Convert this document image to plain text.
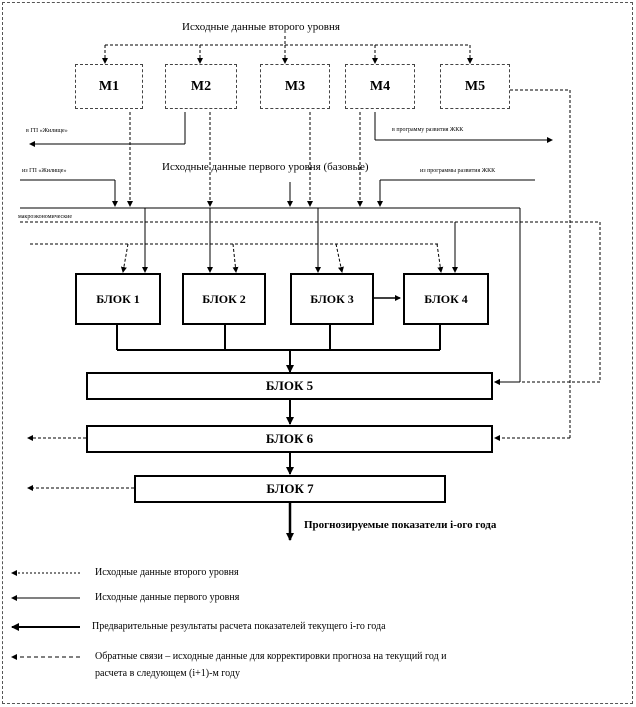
Исходные данные второго уровня
M1	M2	M3	M4	M5
в ГП «Жилище»	в программу развития ЖКК
из ГП «Жилище»	из программы развития ЖКК
Исходные данные первого уровня (базовые)
макроэкономические
БЛОК 1	БЛОК 2	БЛОК 3	БЛОК 4
БЛОК 5
БЛОК 6
БЛОК 7
Прогнозируемые показатели i-ого года
Исходные данные второго уровня
Исходные данные первого уровня
Предварительные результаты расчета показателей текущего i-го года
Обратные связи – исходные данные для корректировки прогноза на текущий год и
расчета в следующем (i+1)-м году
